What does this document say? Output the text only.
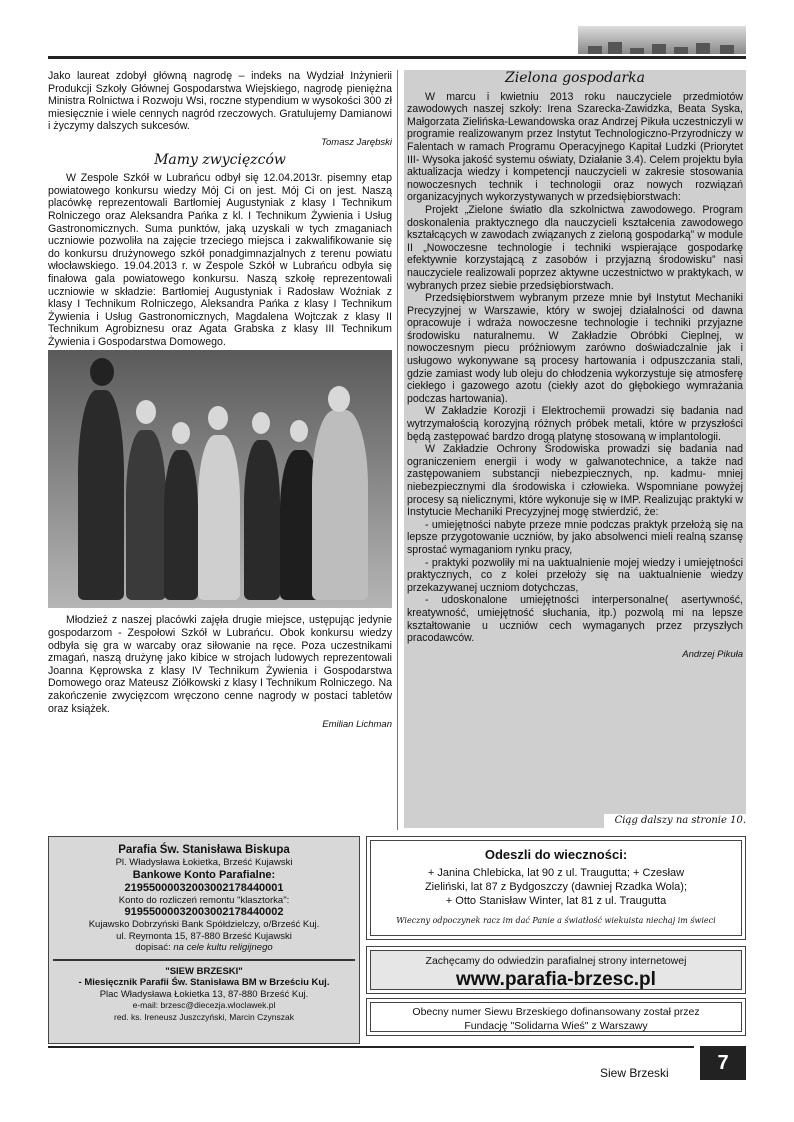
Jako laureat zdobył główną nagrodę – indeks na Wydział Inżynierii Produkcji Szkoły Głównej Gospodarstwa Wiejskiego, nagrodę pieniężna Ministra Rolnictwa i Rozwoju Wsi, roczne stypendium w wysokości 300 zł miesięcznie i wiele cennych nagród rzeczowych. Gratulujemy Damianowi i życzymy dalszych sukcesów.

Tomasz Jarębski
Mamy zwycięzców

W Zespole Szkół w Lubrańcu odbył się 12.04.2013r. pisemny etap powiatowego konkursu wiedzy Mój Ci on jest. Mój Ci on jest. Naszą placówkę reprezentowali Bartłomiej Augustyniak z klasy I Technikum Rolniczego oraz Aleksandra Pańka z kl. I Technikum Żywienia i Usług Gastronomicznych. Suma punktów, jaką uzyskali w tych zmaganiach uczniowie pozwoliła na zajęcie trzeciego miejsca i zakwalifikowanie się do konkursu drużynowego szkół ponadgimnazjalnych z terenu powiatu włocławskiego. 19.04.2013 r. w Zespole Szkół w Lubrańcu odbyła się finałowa gala powiatowego konkursu. Naszą szkołę reprezentowali uczniowie w składzie: Bartłomiej Augustyniak i Radosław Woźniak z klasy I Technikum Rolniczego, Aleksandra Pańka z klasy I Technikum Żywienia i Usług Gastronomicznych, Magdalena Wojtczak z klasy II Technikum Agrobiznesu oraz Agata Grabska z klasy III Technikum Żywienia i Gospodarstwa Domowego.

Młodzież z naszej placówki zajęła drugie miejsce, ustępując jedynie gospodarzom - Zespołowi Szkół w Lubrańcu. Obok konkursu wiedzy odbyła się gra w warcaby oraz siłowanie na ręce. Poza uczestnikami zmagań, naszą drużynę jako kibice w strojach ludowych reprezentowali Joanna Kęprowska z klasy IV Technikum Żywienia i Gospodarstwa Domowego oraz Mateusz Ziółkowski z klasy I Technikum Rolniczego. Na zakończenie zwycięzcom wręczono cenne nagrody w postaci tabletów oraz książek.

Emilian Lichman
Zielona gospodarka

W marcu i kwietniu 2013 roku nauczyciele przedmiotów zawodowych naszej szkoły: Irena Szarecka-Zawidzka, Beata Syska, Małgorzata Zielińska-Lewandowska oraz Andrzej Pikuła uczestniczyli w programie realizowanym przez Instytut Technologiczno-Przyrodniczy w Falentach w ramach Programu Operacyjnego Kapitał Ludzki (Priorytet III- Wysoka jakość systemu oświaty, Działanie 3.4). Celem projektu była aktualizacja wiedzy i kompetencji nauczycieli w zakresie stosowania nowoczesnych technik i technologii oraz nowych rozwiązań organizacyjnych wykorzystywanych w przedsiębiorstwach:

Projekt „Zielone światło dla szkolnictwa zawodowego. Program doskonalenia praktycznego dla nauczycieli kształcenia zawodowego kształcących w zawodach związanych z zieloną gospodarką” w module II „Nowoczesne technologie i techniki wspierające gospodarkę efektywnie korzystającą z zasobów i przyjazną środowisku” nasi nauczyciele realizowali poprzez aktywne uczestnictwo w praktykach, w wybranych przez siebie przedsiębiorstwach.

Przedsiębiorstwem wybranym przeze mnie był Instytut Mechaniki Precyzyjnej w Warszawie, który w swojej działalności od dawna opracowuje i wdraża nowoczesne technologie i techniki przyjazne środowisku naturalnemu. W Zakładzie Obróbki Cieplnej, w nowoczesnym piecu próżniowym zarówno doświadczalnie jak i usługowo wykonywane są procesy hartowania i odpuszczania stali, gdzie zamiast wody lub oleju do chłodzenia wykorzystuje się atmosferę ciekłego i gazowego azotu (ciekły azot do głębokiego wymrażania podczas hartowania).

W Zakładzie Korozji i Elektrochemii prowadzi się badania nad wytrzymałością korozyjną różnych próbek metali, które w przyszłości będą zastępować bardzo drogą platynę stosowaną w implantologii.

W Zakładzie Ochrony Środowiska prowadzi się badania nad ograniczeniem energii i wody w galwanotechnice, a także nad zastępowaniem substancji niebezpiecznych, np. kadmu- mniej niebezpiecznymi dla środowiska i człowieka. Wspomniane powyżej procesy są nielicznymi, które wykonuje się w IMP. Realizując praktyki w Instytucie Mechaniki Precyzyjnej mogę stwierdzić, że:

- umiejętności nabyte przeze mnie podczas praktyk przełożą się na lepsze przygotowanie uczniów, by jako absolwenci mieli realną szansę sprostać wymaganiom rynku pracy,

- praktyki pozwoliły mi na uaktualnienie mojej wiedzy i umiejętności praktycznych, co z kolei przełoży się na uaktualnienie wiedzy przekazywanej uczniom dotychczas,

- udoskonalone umiejętności interpersonalne( asertywność, kreatywność, umiejętność słuchania, itp.) pozwolą mi na lepsze kształtowanie u uczniów cech wymaganych przez przyszłych pracodawców.

Andrzej Pikuła
Ciąg dalszy na stronie 10.
Parafia Św. Stanisława Biskupa
Pl. Władysława Łokietka, Brześć Kujawski
Bankowe Konto Parafialne:
21955000032003002178440001
Konto do rozliczeń remontu "klasztorka":
91955000032003002178440002
Kujawsko Dobrzyński Bank Spółdzielczy, o/Brześć Kuj.
ul. Reymonta 15, 87-880 Brześć Kujawski
dopisać: na cele kultu religijnego
"SIEW BRZESKI"
- Miesięcznik Parafii Św. Stanisława BM w Brześciu Kuj.
Plac Władysława Łokietka 13, 87-880 Brześć Kuj.
e-mail: brzesc@diecezja.wloclawek.pl
red. ks. Ireneusz Juszczyński, Marcin Czynszak
Odeszli do wieczności:
+ Janina Chlebicka, lat 90 z ul. Traugutta; + Czesław
Zieliński, lat 87 z Bydgoszczy (dawniej Rzadka Wola);
+ Otto Stanisław Winter, lat 81 z ul. Traugutta
Wieczny odpoczynek racz im dać Panie a światłość wiekuista niechaj im świeci
Zachęcamy do odwiedzin parafialnej strony internetowej
www.parafia-brzesc.pl
Obecny numer Siewu Brzeskiego dofinansowany został przez
Fundację "Solidarna Wieś" z Warszawy
Siew Brzeski	7
